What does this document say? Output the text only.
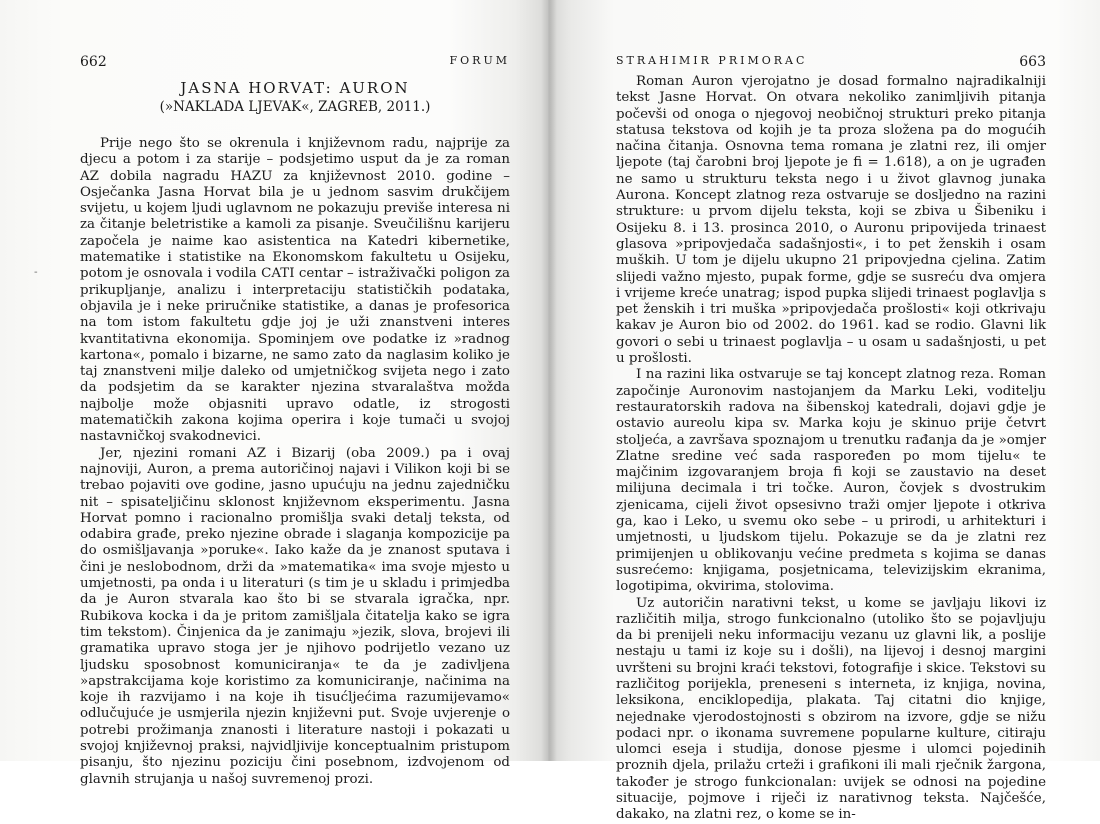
662	FORUM
JASNA HORVAT: AURON
(»NAKLADA LJEVAK«, ZAGREB, 2011.)

Prije nego što se okrenula i književnom radu, najprije za djecu a potom i za starije – podsjetimo usput da je za roman AZ dobila nagradu HAZU za književnost 2010. godine – Osječanka Jasna Horvat bila je u jednom sasvim drukčijem svijetu, u kojem ljudi uglavnom ne pokazuju previše interesa ni za čitanje beletristike a kamoli za pisanje. Sveučilišnu karijeru započela je naime kao asistentica na Katedri kibernetike, matematike i statistike na Ekonomskom fakultetu u Osijeku, potom je osnovala i vodila CATI centar – istraživački poligon za prikupljanje, analizu i interpretaciju statističkih podataka, objavila je i neke priručnike statistike, a danas je profesorica na tom istom fakultetu gdje joj je uži znanstveni interes kvantitativna ekonomija. Spominjem ove podatke iz »radnog kartona«, pomalo i bizarne, ne samo zato da naglasim koliko je taj znanstveni milje daleko od umjetničkog svijeta nego i zato da podsjetim da se karakter njezina stvaralaštva možda najbolje može objasniti upravo odatle, iz strogosti matematičkih zakona kojima operira i koje tumači u svojoj nastavničkoj svakodnevici.

Jer, njezini romani AZ i Bizarij (oba 2009.) pa i ovaj najnoviji, Auron, a prema autoričinoj najavi i Vilikon koji bi se trebao pojaviti ove godine, jasno upućuju na jednu zajedničku nit – spisateljičinu sklonost književnom eksperimentu. Jasna Horvat pomno i racionalno promišlja svaki detalj teksta, od odabira građe, preko njezine obrade i slaganja kompozicije pa do osmišljavanja »poruke«. Iako kaže da je znanost sputava i čini je neslobodnom, drži da »matematika« ima svoje mjesto u umjetnosti, pa onda i u literaturi (s tim je u skladu i primjedba da je Auron stvarala kao što bi se stvarala igračka, npr. Rubikova kocka i da je pritom zamišljala čitatelja kako se igra tim tekstom). Činjenica da je zanimaju »jezik, slova, brojevi ili gramatika upravo stoga jer je njihovo podrijetlo vezano uz ljudsku sposobnost komuniciranja« te da je zadivljena »apstrakcijama koje koristimo za komuniciranje, načinima na koje ih razvijamo i na koje ih tisućljećima razumijevamo« odlučujuće je usmjerila njezin književni put. Svoje uvjerenje o potrebi prožimanja znanosti i literature nastoji i pokazati u svojoj književnoj praksi, najvidljivije konceptualnim pristupom pisanju, što njezinu poziciju čini posebnom, izdvojenom od glavnih strujanja u našoj suvremenoj prozi.

-
STRAHIMIR PRIMORAC	663

Roman Auron vjerojatno je dosad formalno najradikalniji tekst Jasne Horvat. On otvara nekoliko zanimljivih pitanja počevši od onoga o njegovoj neobičnoj strukturi preko pitanja statusa tekstova od kojih je ta proza složena pa do mogućih načina čitanja. Osnovna tema romana je zlatni rez, ili omjer ljepote (taj čarobni broj ljepote je fi = 1.618), a on je ugrađen ne samo u strukturu teksta nego i u život glavnog junaka Aurona. Koncept zlatnog reza ostvaruje se dosljedno na razini strukture: u prvom dijelu teksta, koji se zbiva u Šibeniku i Osijeku 8. i 13. prosinca 2010, o Auronu pripovijeda trinaest glasova »pripovjedača sadašnjosti«, i to pet ženskih i osam muških. U tom je dijelu ukupno 21 pripovjedna cjelina. Zatim slijedi važno mjesto, pupak forme, gdje se susreću dva omjera i vrijeme kreće unatrag; ispod pupka slijedi trinaest poglavlja s pet ženskih i tri muška »pripovjedača prošlosti« koji otkrivaju kakav je Auron bio od 2002. do 1961. kad se rodio. Glavni lik govori o sebi u trinaest poglavlja – u osam u sadašnjosti, u pet u prošlosti.

I na razini lika ostvaruje se taj koncept zlatnog reza. Roman započinje Auronovim nastojanjem da Marku Leki, voditelju restauratorskih radova na šibenskoj katedrali, dojavi gdje je ostavio aureolu kipa sv. Marka koju je skinuo prije četvrt stoljeća, a završava spoznajom u trenutku rađanja da je »omjer Zlatne sredine već sada raspoređen po mom tijelu« te majčinim izgovaranjem broja fi koji se zaustavio na deset milijuna decimala i tri točke. Auron, čovjek s dvostrukim zjenicama, cijeli život opsesivno traži omjer ljepote i otkriva ga, kao i Leko, u svemu oko sebe – u prirodi, u arhitekturi i umjetnosti, u ljudskom tijelu. Pokazuje se da je zlatni rez primijenjen u oblikovanju većine predmeta s kojima se danas susrećemo: knjigama, posjetnicama, televizijskim ekranima, logotipima, okvirima, stolovima.

Uz autoričin narativni tekst, u kome se javljaju likovi iz različitih milja, strogo funkcionalno (utoliko što se pojavljuju da bi prenijeli neku informaciju vezanu uz glavni lik, a poslije nestaju u tami iz koje su i došli), na lijevoj i desnoj margini uvršteni su brojni kraći tekstovi, fotografije i skice. Tekstovi su različitog porijekla, preneseni s interneta, iz knjiga, novina, leksikona, enciklopedija, plakata. Taj citatni dio knjige, nejednake vjerodostojnosti s obzirom na izvore, gdje se nižu podaci npr. o ikonama suvremene popularne kulture, citiraju ulomci eseja i studija, donose pjesme i ulomci pojedinih proznih djela, prilažu crteži i grafikoni ili mali rječnik žargona, također je strogo funkcionalan: uvijek se odnosi na pojedine situacije, pojmove i riječi iz narativnog teksta. Najčešće, dakako, na zlatni rez, o kome se in-
